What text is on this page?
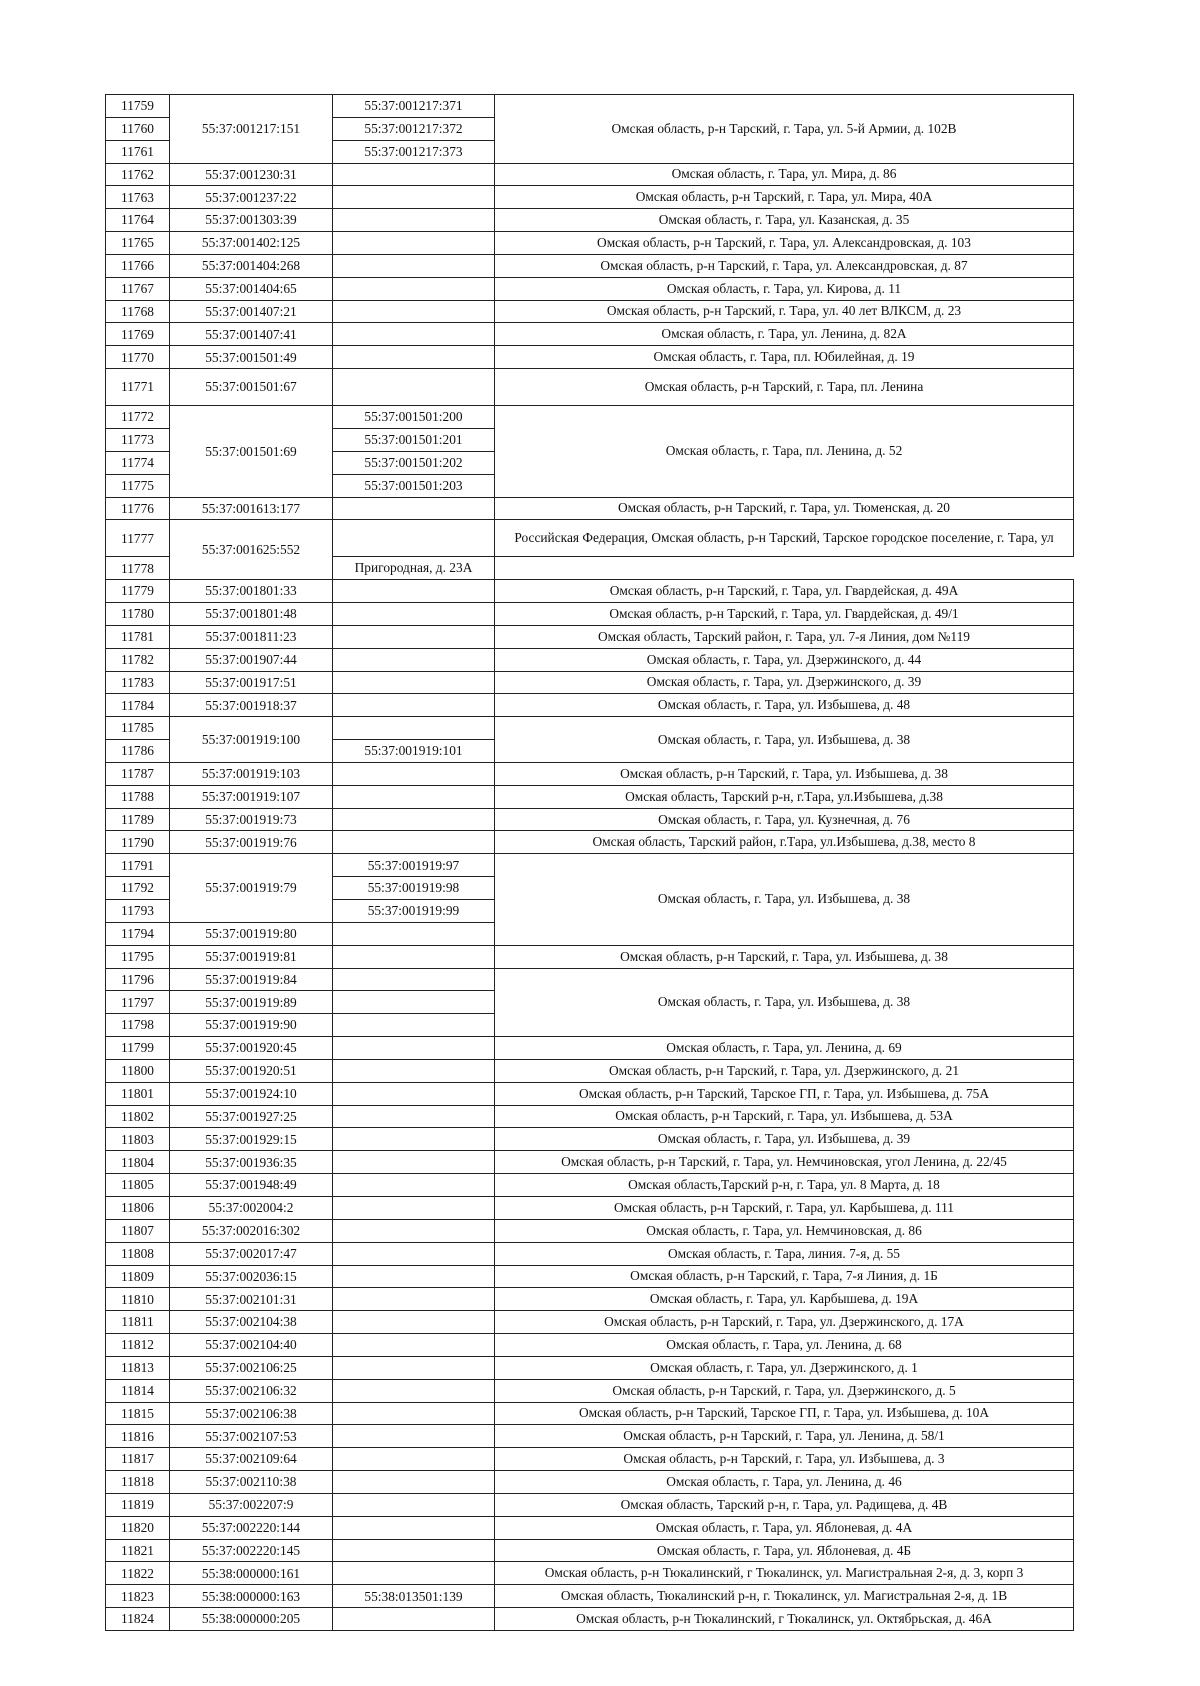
11759	55:37:001217:151	55:37:001217:371	Омская область, р-н Тарский, г. Тара, ул. 5-й Армии, д. 102В	
11760		55:37:001217:372		
11761		55:37:001217:373		
11762	55:37:001230:31		Омская область, г. Тара, ул. Мира, д. 86	
11763	55:37:001237:22		Омская область, р-н Тарский, г. Тара, ул. Мира, 40А	
11764	55:37:001303:39		Омская область, г. Тара, ул. Казанская, д. 35	
11765	55:37:001402:125		Омская область, р-н Тарский, г. Тара, ул. Александровская, д. 103	
11766	55:37:001404:268		Омская область, р-н Тарский, г. Тара, ул. Александровская, д. 87	
11767	55:37:001404:65		Омская область, г. Тара, ул. Кирова, д. 11	
11768	55:37:001407:21		Омская область, р-н Тарский, г. Тара, ул. 40 лет ВЛКСМ, д. 23	
11769	55:37:001407:41		Омская область, г. Тара, ул. Ленина, д. 82А	
11770	55:37:001501:49		Омская область, г. Тара, пл. Юбилейная, д. 19	
11771	55:37:001501:67		Омская область, р-н Тарский, г. Тара, пл. Ленина	
11772	55:37:001501:69	55:37:001501:200	Омская область, г. Тара, пл. Ленина, д. 52	
11773		55:37:001501:201		
11774		55:37:001501:202		
11775		55:37:001501:203		
11776	55:37:001613:177		Омская область, р-н Тарский, г. Тара, ул. Тюменская, д. 20	
11777	55:37:001625:552		Российская Федерация, Омская область, р-н Тарский, Тарское городское поселение, г. Тара, ул	
11778		Пригородная, д. 23А		
11779	55:37:001801:33		Омская область, р-н Тарский, г. Тара, ул. Гвардейская, д. 49А	
11780	55:37:001801:48		Омская область, р-н Тарский, г. Тара, ул. Гвардейская, д. 49/1	
11781	55:37:001811:23		Омская область, Тарский район, г. Тара, ул. 7-я Линия, дом №119	
11782	55:37:001907:44		Омская область, г. Тара, ул. Дзержинского, д. 44	
11783	55:37:001917:51		Омская область, г. Тара, ул. Дзержинского, д. 39	
11784	55:37:001918:37		Омская область, г. Тара, ул. Избышева, д. 48	
11785	55:37:001919:100		Омская область, г. Тара, ул. Избышева, д. 38	
11786		55:37:001919:101		
11787	55:37:001919:103		Омская область, р-н Тарский, г. Тара, ул. Избышева, д. 38	
11788	55:37:001919:107		Омская область, Тарский р-н, г.Тара, ул.Избышева, д.38	
11789	55:37:001919:73		Омская область, г. Тара, ул. Кузнечная, д. 76	
11790	55:37:001919:76		Омская область, Тарский район, г.Тара, ул.Избышева, д.38, место 8	
11791	55:37:001919:79	55:37:001919:97	Омская область, г. Тара, ул. Избышева, д. 38	
11792		55:37:001919:98		
11793		55:37:001919:99		
11794	55:37:001919:80			
11795	55:37:001919:81		Омская область, р-н Тарский, г. Тара, ул. Избышева, д. 38	
11796	55:37:001919:84		Омская область, г. Тара, ул. Избышева, д. 38	
11797	55:37:001919:89			
11798	55:37:001919:90			
11799	55:37:001920:45		Омская область, г. Тара, ул. Ленина, д. 69	
11800	55:37:001920:51		Омская область, р-н Тарский, г. Тара, ул. Дзержинского, д. 21	
11801	55:37:001924:10		Омская область, р-н Тарский, Тарское ГП, г. Тара, ул. Избышева, д. 75А	
11802	55:37:001927:25		Омская область, р-н Тарский, г. Тара, ул. Избышева, д. 53А	
11803	55:37:001929:15		Омская область, г. Тара, ул. Избышева, д. 39	
11804	55:37:001936:35		Омская область, р-н Тарский, г. Тара, ул. Немчиновская, угол Ленина, д. 22/45	
11805	55:37:001948:49		Омская область,Тарский р-н, г. Тара, ул. 8 Марта, д. 18	
11806	55:37:002004:2		Омская область, р-н Тарский, г. Тара, ул. Карбышева, д. 111	
11807	55:37:002016:302		Омская область, г. Тара, ул. Немчиновская, д. 86	
11808	55:37:002017:47		Омская область, г. Тара, линия. 7-я, д. 55	
11809	55:37:002036:15		Омская область, р-н Тарский, г. Тара, 7-я Линия, д. 1Б	
11810	55:37:002101:31		Омская область, г. Тара, ул. Карбышева, д. 19А	
11811	55:37:002104:38		Омская область, р-н Тарский, г. Тара, ул. Дзержинского, д. 17А	
11812	55:37:002104:40		Омская область, г. Тара, ул. Ленина, д. 68	
11813	55:37:002106:25		Омская область, г. Тара, ул. Дзержинского, д. 1	
11814	55:37:002106:32		Омская область, р-н Тарский, г. Тара, ул. Дзержинского, д. 5	
11815	55:37:002106:38		Омская область, р-н Тарский, Тарское ГП, г. Тара, ул. Избышева, д. 10А	
11816	55:37:002107:53		Омская область, р-н Тарский, г. Тара, ул. Ленина, д. 58/1	
11817	55:37:002109:64		Омская область, р-н Тарский, г. Тара, ул. Избышева, д. 3	
11818	55:37:002110:38		Омская область, г. Тара, ул. Ленина, д. 46	
11819	55:37:002207:9		Омская область, Тарский р-н, г. Тара, ул. Радищева, д. 4В	
11820	55:37:002220:144		Омская область, г. Тара, ул. Яблоневая, д. 4А	
11821	55:37:002220:145		Омская область, г. Тара, ул. Яблоневая, д. 4Б	
11822	55:38:000000:161		Омская область, р-н Тюкалинский, г Тюкалинск, ул. Магистральная 2-я, д. 3, корп 3	
11823	55:38:000000:163	55:38:013501:139	Омская область, Тюкалинский р-н, г. Тюкалинск, ул. Магистральная 2-я, д. 1В	
11824	55:38:000000:205		Омская область, р-н Тюкалинский, г Тюкалинск, ул. Октябрьская, д. 46А	
